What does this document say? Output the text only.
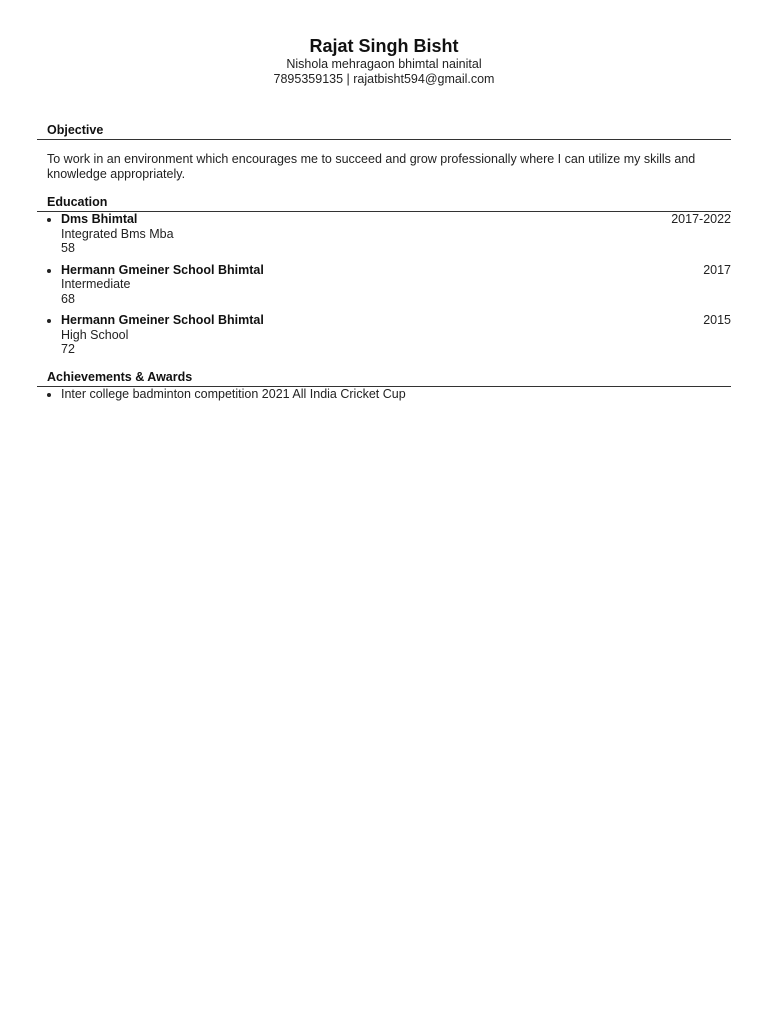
Rajat Singh Bisht

Nishola mehragaon bhimtal nainital

7895359135 | rajatbisht594@gmail.com

Objective

To work in an environment which encourages me to succeed and grow professionally where I can utilize my skills and knowledge appropriately.

Education
Dms Bhimtal	2017-2022
Integrated Bms Mba
58
Hermann Gmeiner School Bhimtal	2017
Intermediate
68
Hermann Gmeiner School Bhimtal	2015
High School
72
Achievements & Awards
Inter college badminton competition 2021 All India Cricket Cup
